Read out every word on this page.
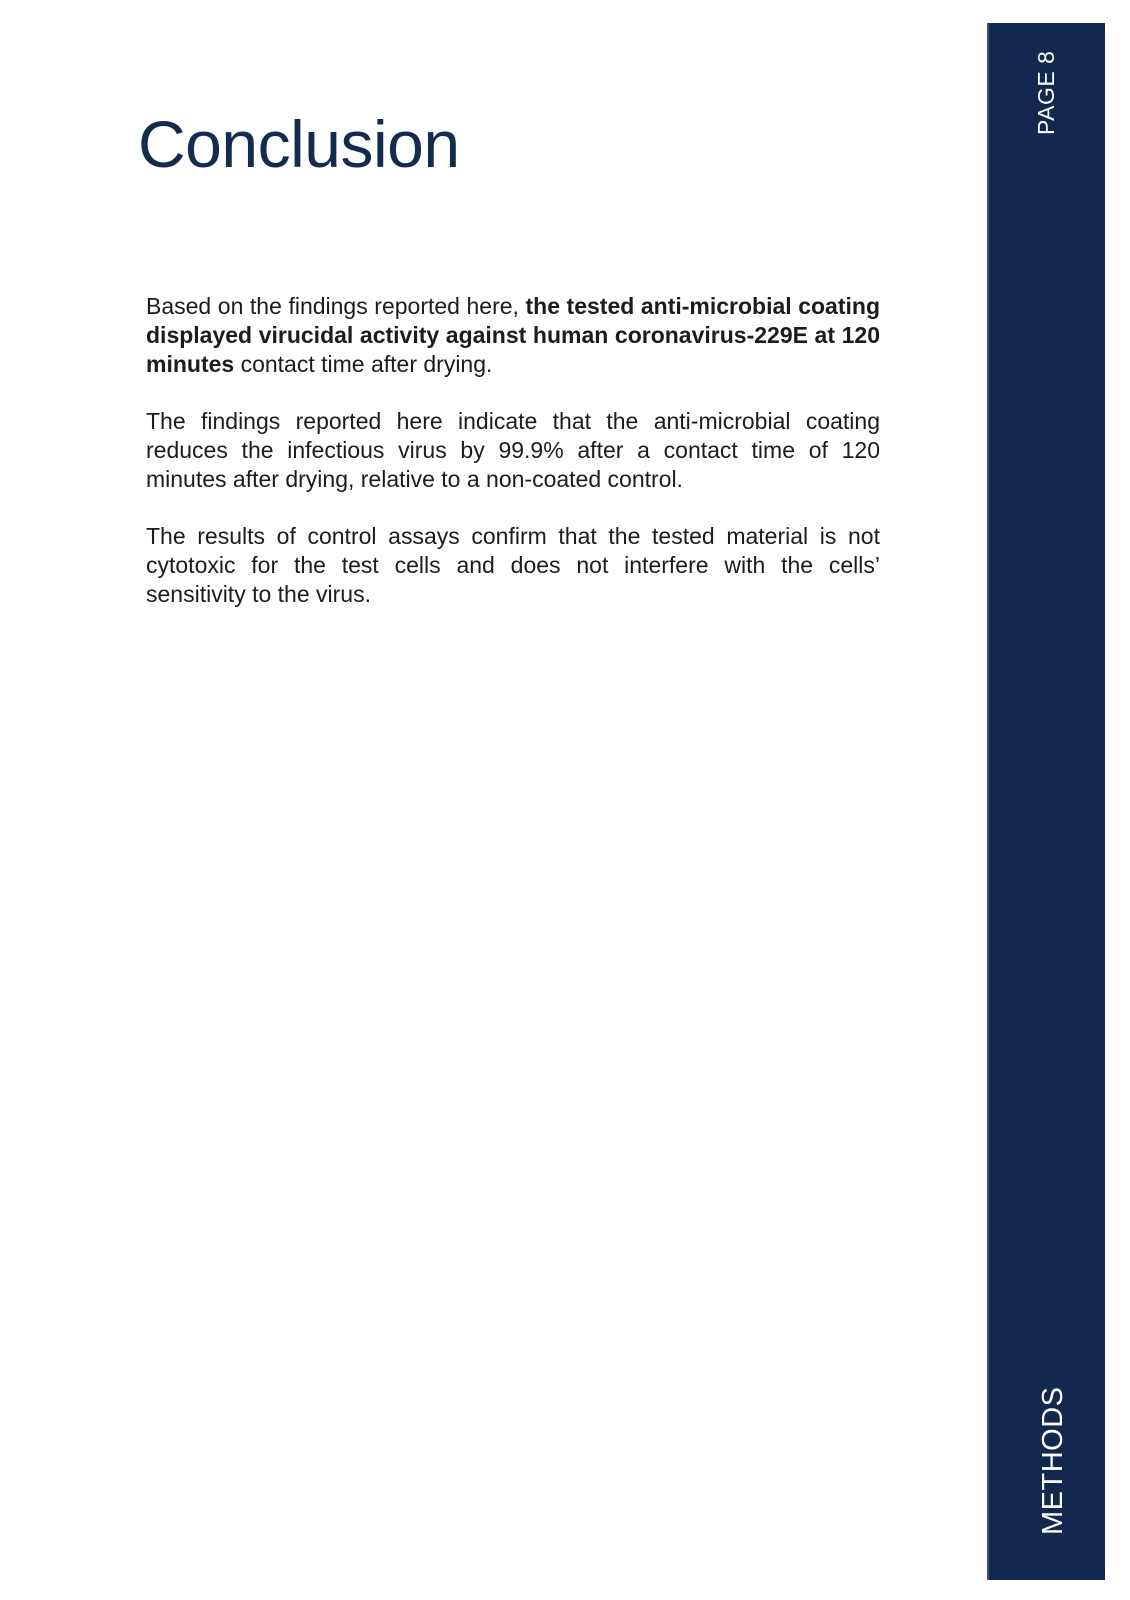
Conclusion

Based on the findings reported here, the tested anti-microbial coating displayed virucidal activity against human coronavirus-229E at 120 minutes contact time after drying.

The findings reported here indicate that the anti-microbial coating reduces the infectious virus by 99.9% after a contact time of 120 minutes after drying, relative to a non-coated control.

The results of control assays confirm that the tested material is not cytotoxic for the test cells and does not interfere with the cells’ sensitivity to the virus.

PAGE 8
METHODS
